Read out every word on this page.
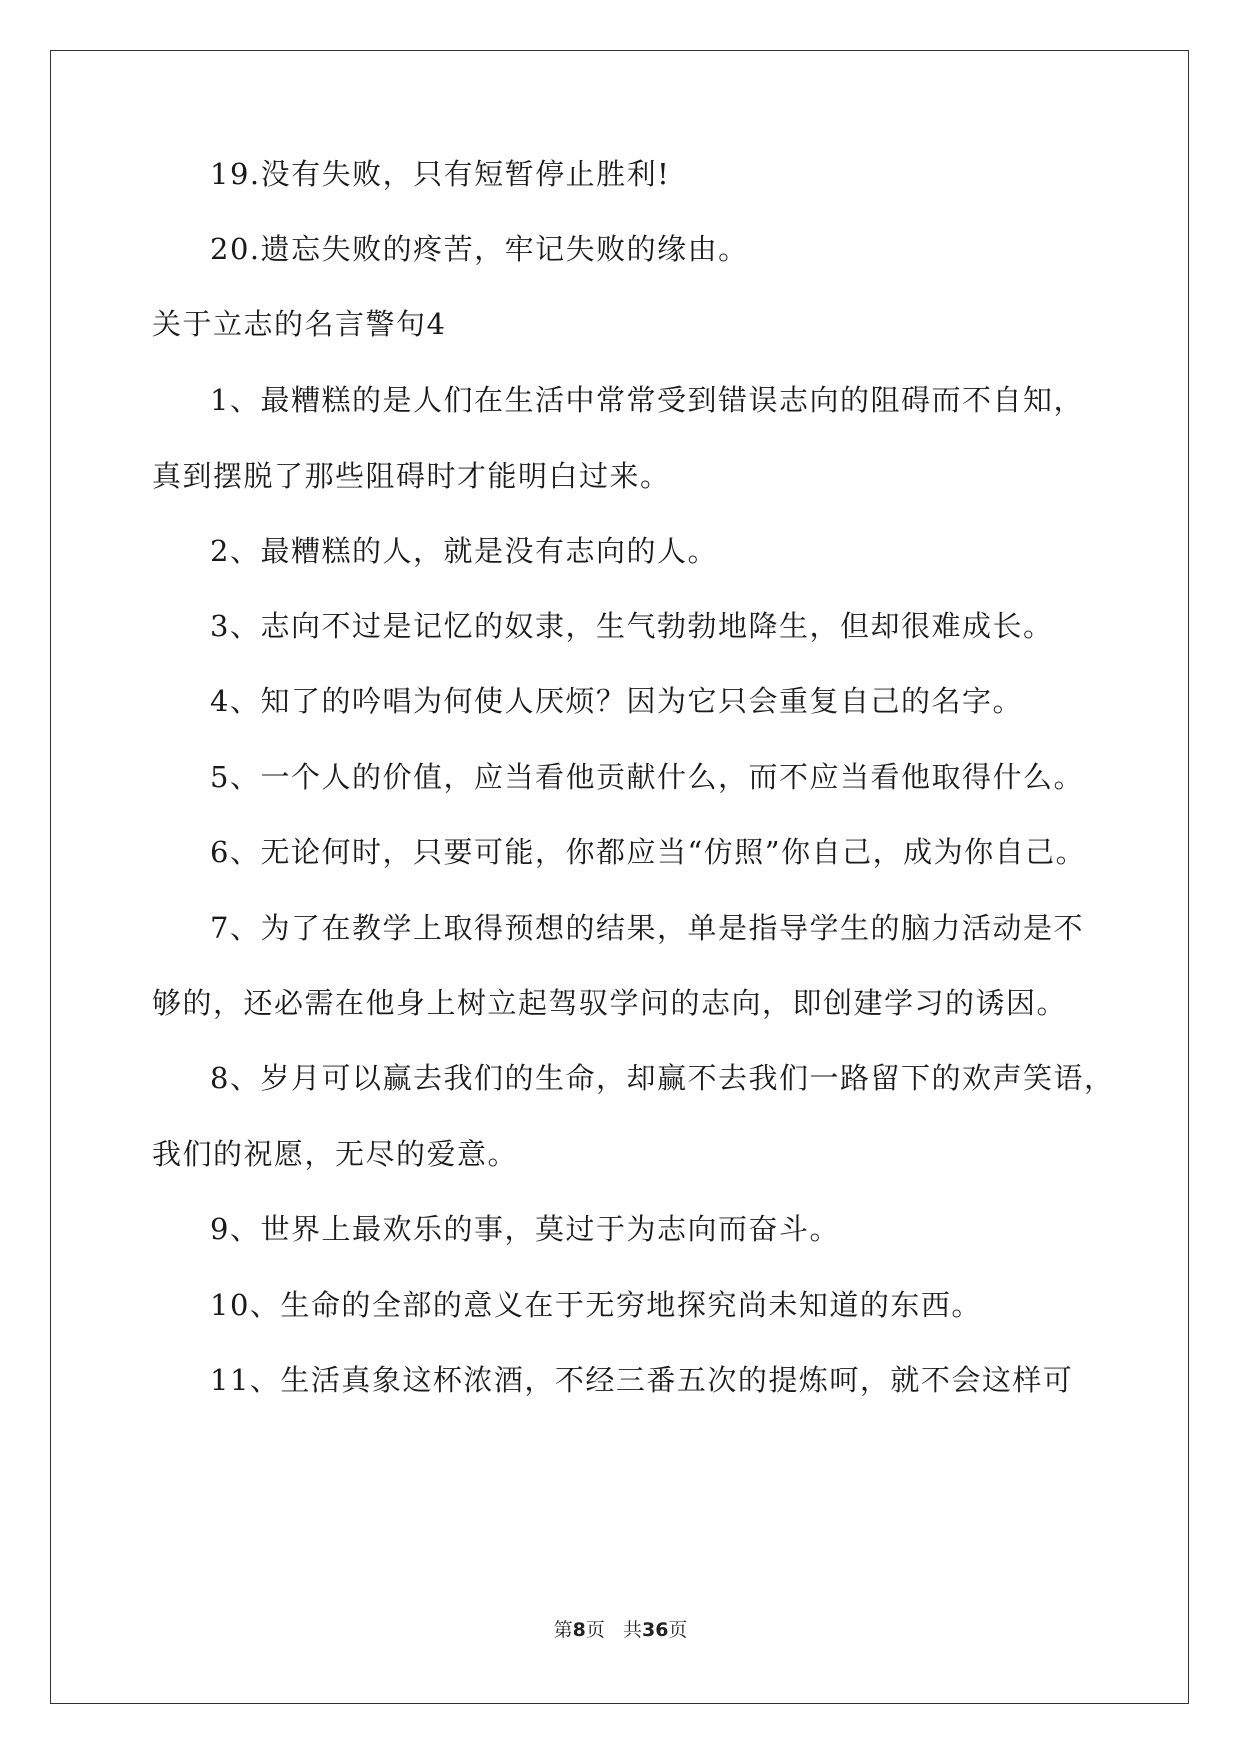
19.没有失败，只有短暂停止胜利!
20.遗忘失败的疼苦，牢记失败的缘由。
关于立志的名言警句4
1、最糟糕的是人们在生活中常常受到错误志向的阻碍而不自知，
真到摆脱了那些阻碍时才能明白过来。
2、最糟糕的人，就是没有志向的人。
3、志向不过是记忆的奴隶，生气勃勃地降生，但却很难成长。
4、知了的吟唱为何使人厌烦？因为它只会重复自己的名字。
5、一个人的价值，应当看他贡献什么，而不应当看他取得什么。
6、无论何时，只要可能，你都应当“仿照”你自己，成为你自己。
7、为了在教学上取得预想的结果，单是指导学生的脑力活动是不
够的，还必需在他身上树立起驾驭学问的志向，即创建学习的诱因。
8、岁月可以赢去我们的生命，却赢不去我们一路留下的欢声笑语，
我们的祝愿，无尽的爱意。
9、世界上最欢乐的事，莫过于为志向而奋斗。
10、生命的全部的意义在于无穷地探究尚未知道的东西。
11、生活真象这杯浓酒，不经三番五次的提炼呵，就不会这样可
第8页 共36页
